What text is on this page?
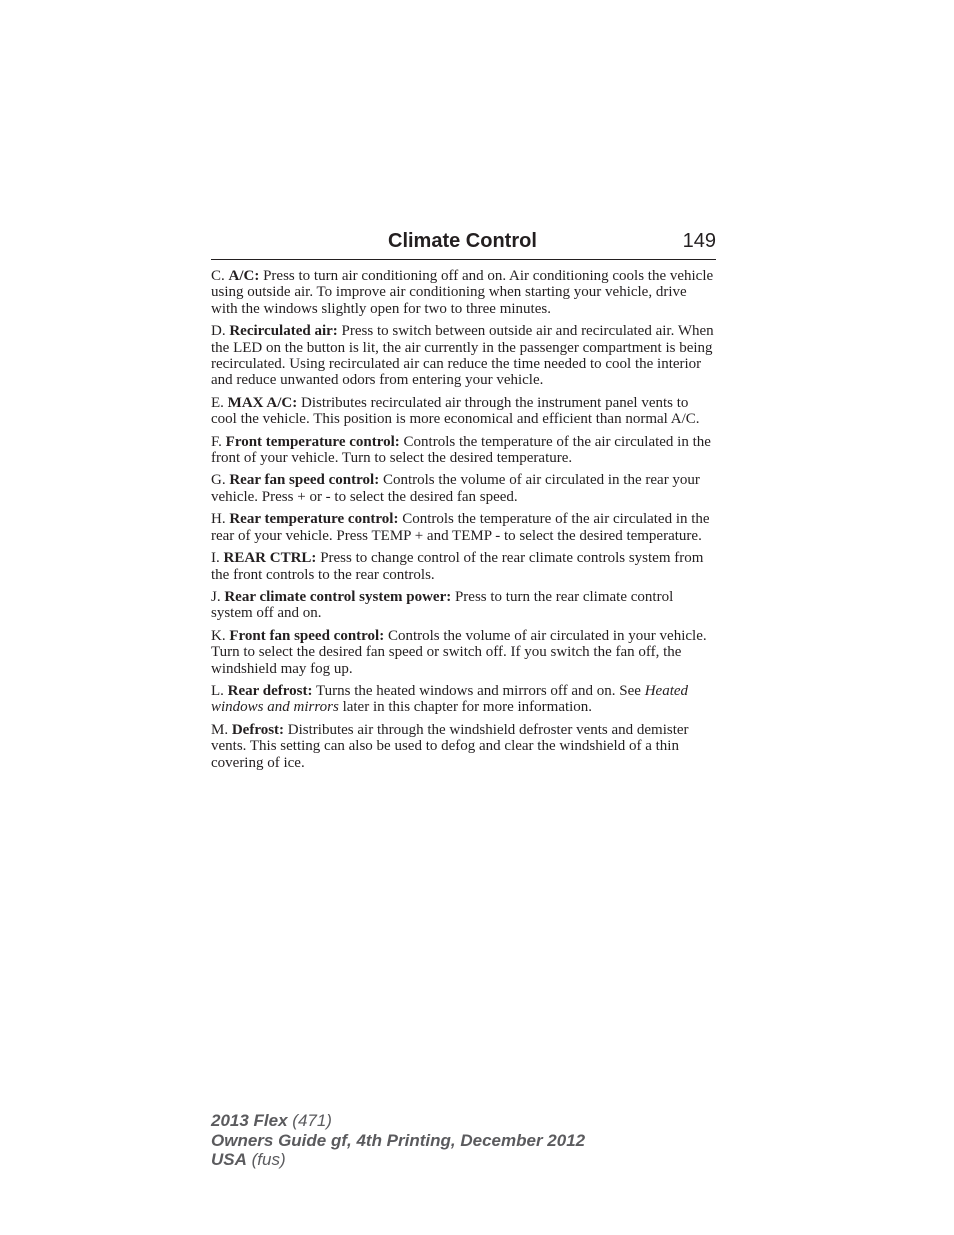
Climate Control	149

C. A/C: Press to turn air conditioning off and on. Air conditioning cools the vehicle using outside air. To improve air conditioning when starting your vehicle, drive with the windows slightly open for two to three minutes.

D. Recirculated air: Press to switch between outside air and recirculated air. When the LED on the button is lit, the air currently in the passenger compartment is being recirculated. Using recirculated air can reduce the time needed to cool the interior and reduce unwanted odors from entering your vehicle.

E. MAX A/C: Distributes recirculated air through the instrument panel vents to cool the vehicle. This position is more economical and efficient than normal A/C.

F. Front temperature control: Controls the temperature of the air circulated in the front of your vehicle. Turn to select the desired temperature.

G. Rear fan speed control: Controls the volume of air circulated in the rear your vehicle. Press + or - to select the desired fan speed.

H. Rear temperature control: Controls the temperature of the air circulated in the rear of your vehicle. Press TEMP + and TEMP - to select the desired temperature.

I. REAR CTRL: Press to change control of the rear climate controls system from the front controls to the rear controls.

J. Rear climate control system power: Press to turn the rear climate control system off and on.

K. Front fan speed control: Controls the volume of air circulated in your vehicle. Turn to select the desired fan speed or switch off. If you switch the fan off, the windshield may fog up.

L. Rear defrost: Turns the heated windows and mirrors off and on. See Heated windows and mirrors later in this chapter for more information.

M. Defrost: Distributes air through the windshield defroster vents and demister vents. This setting can also be used to defog and clear the windshield of a thin covering of ice.

2013 Flex (471)
Owners Guide gf, 4th Printing, December 2012
USA (fus)
